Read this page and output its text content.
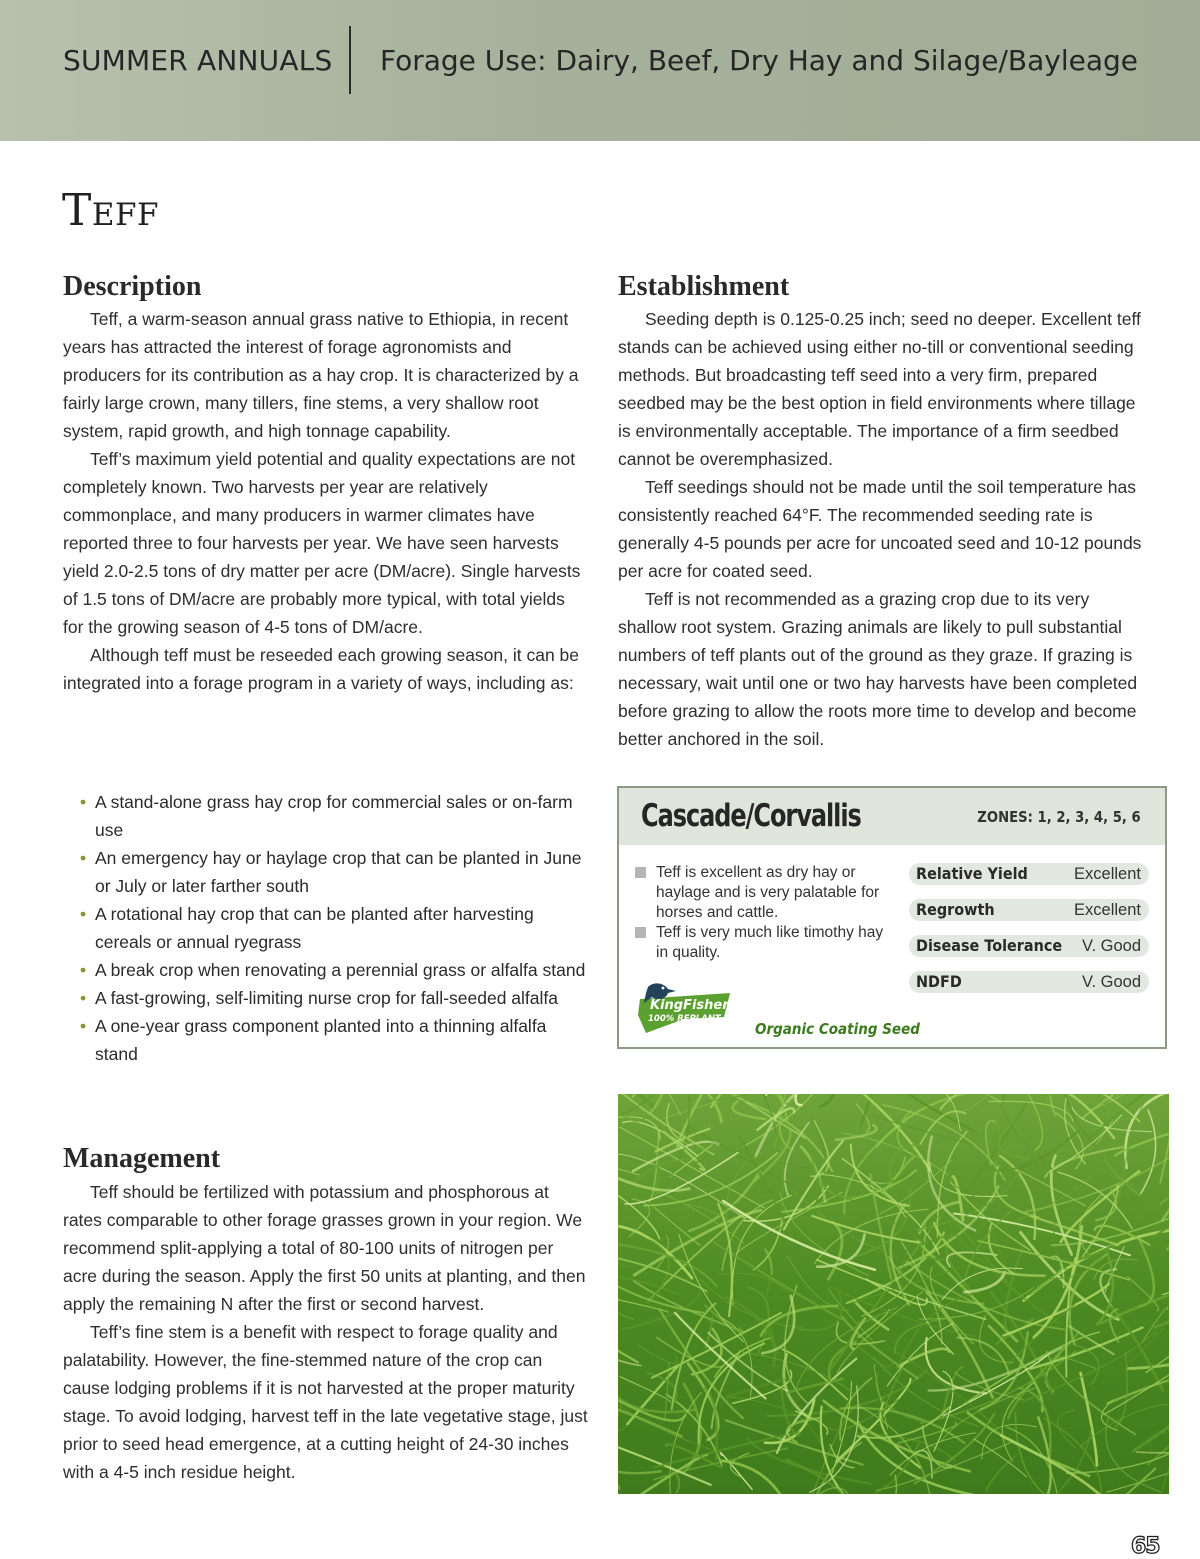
SUMMER ANNUALS Forage Use: Dairy, Beef, Dry Hay and Silage/Bayleage
Teff
Description

Teff, a warm-season annual grass native to Ethiopia, in recent years has attracted the interest of forage agronomists and producers for its contribution as a hay crop. It is characterized by a fairly large crown, many tillers, fine stems, a very shallow root system, rapid growth, and high tonnage capability.

Teff’s maximum yield potential and quality expectations are not completely known. Two harvests per year are relatively commonplace, and many producers in warmer climates have reported three to four harvests per year. We have seen harvests yield 2.0-2.5 tons of dry matter per acre (DM/acre). Single harvests of 1.5 tons of DM/acre are probably more typical, with total yields for the growing season of 4-5 tons of DM/acre.

Although teff must be reseeded each growing season, it can be integrated into a forage program in a variety of ways, including as:

• A stand-alone grass hay crop for commercial sales or on-farm use
• An emergency hay or haylage crop that can be planted in June or July or later farther south
• A rotational hay crop that can be planted after harvesting cereals or annual ryegrass
• A break crop when renovating a perennial grass or alfalfa stand
• A fast-growing, self-limiting nurse crop for fall-seeded alfalfa
• A one-year grass component planted into a thinning alfalfa stand
Management

Teff should be fertilized with potassium and phosphorous at rates comparable to other forage grasses grown in your region. We recommend split-applying a total of 80-100 units of nitrogen per acre during the season. Apply the first 50 units at planting, and then apply the remaining N after the first or second harvest.

Teff’s fine stem is a benefit with respect to forage quality and palatability. However, the fine-stemmed nature of the crop can cause lodging problems if it is not harvested at the proper maturity stage. To avoid lodging, harvest teff in the late vegetative stage, just prior to seed head emergence, at a cutting height of 24-30 inches with a 4-5 inch residue height.

Establishment

Seeding depth is 0.125-0.25 inch; seed no deeper. Excellent teff stands can be achieved using either no-till or conventional seeding methods. But broadcasting teff seed into a very firm, prepared seedbed may be the best option in field environments where tillage is environmentally acceptable. The importance of a firm seedbed cannot be overemphasized.

Teff seedings should not be made until the soil temperature has consistently reached 64°F. The recommended seeding rate is generally 4-5 pounds per acre for uncoated seed and 10-12 pounds per acre for coated seed.

Teff is not recommended as a grazing crop due to its very shallow root system. Grazing animals are likely to pull substantial numbers of teff plants out of the ground as they graze. If grazing is necessary, wait until one or two hay harvests have been completed before grazing to allow the roots more time to develop and become better anchored in the soil.

Cascade/Corvallis	ZONES: 1, 2, 3, 4, 5, 6
Teff is excellent as dry hay or haylage and is very palatable for horses and cattle.
Teff is very much like timothy hay in quality.
Relative Yield	Excellent
Regrowth	Excellent
Disease Tolerance V. Good
NDFD	V. Good
KingFisher
100% REPLANT
Organic Coating Seed
65
